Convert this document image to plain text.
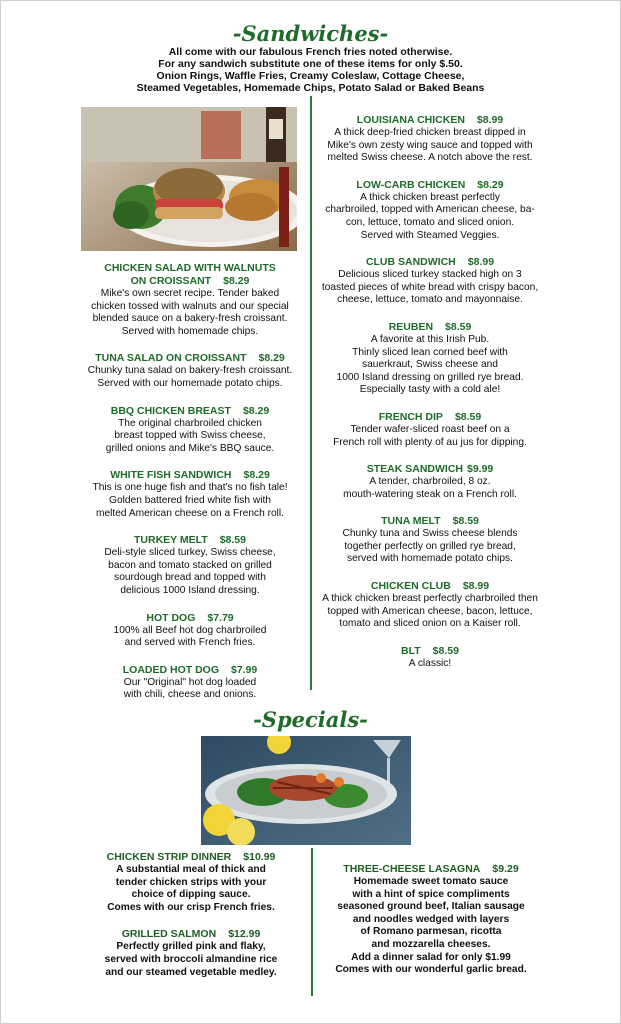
-Sandwiches-
All come with our fabulous French fries noted otherwise.
For any sandwich substitute one of these items for only $.50.
Onion Rings, Waffle Fries, Creamy Coleslaw, Cottage Cheese,
Steamed Vegetables, Homemade Chips, Potato Salad or Baked Beans
CHICKEN SALAD WITH WALNUTS
ON CROISSANT $8.29
Mike's own secret recipe. Tender baked
chicken tossed with walnuts and our special
blended sauce on a bakery-fresh croissant.
Served with homemade chips.
TUNA SALAD ON CROISSANT $8.29
Chunky tuna salad on bakery-fresh croissant.
Served with our homemade potato chips.
BBQ CHICKEN BREAST $8.29
The original charbroiled chicken
breast topped with Swiss cheese,
grilled onions and Mike's BBQ sauce.
WHITE FISH SANDWICH $8.29
This is one huge fish and that's no fish tale!
Golden battered fried white fish with
melted American cheese on a French roll.
TURKEY MELT $8.59
Deli-style sliced turkey, Swiss cheese,
bacon and tomato stacked on grilled
sourdough bread and topped with
delicious 1000 Island dressing.
HOT DOG $7.79
100% all Beef hot dog charbroiled
and served with French fries.
LOADED HOT DOG $7.99
Our "Original" hot dog loaded
with chili, cheese and onions.
LOUISIANA CHICKEN $8.99
A thick deep-fried chicken breast dipped in
Mike's own zesty wing sauce and topped with
melted Swiss cheese. A notch above the rest.
LOW-CARB CHICKEN $8.29
A thick chicken breast perfectly
charbroiled, topped with American cheese, ba-
con, lettuce, tomato and sliced onion.
Served with Steamed Veggies.
CLUB SANDWICH $8.99
Delicious sliced turkey stacked high on 3
toasted pieces of white bread with crispy bacon,
cheese, lettuce, tomato and mayonnaise.
REUBEN $8.59
A favorite at this Irish Pub.
Thinly sliced lean corned beef with
sauerkraut, Swiss cheese and
1000 Island dressing on grilled rye bread.
Especially tasty with a cold ale!
FRENCH DIP $8.59
Tender wafer-sliced roast beef on a
French roll with plenty of au jus for dipping.
STEAK SANDWICH $9.99
A tender, charbroiled, 8 oz.
mouth-watering steak on a French roll.
TUNA MELT $8.59
Chunky tuna and Swiss cheese blends
together perfectly on grilled rye bread,
served with homemade potato chips.
CHICKEN CLUB $8.99
A thick chicken breast perfectly charbroiled then
topped with American cheese, bacon, lettuce,
tomato and sliced onion on a Kaiser roll.
BLT $8.59
A classic!
-Specials-
CHICKEN STRIP DINNER $10.99
A substantial meal of thick and
tender chicken strips with your
choice of dipping sauce.
Comes with our crisp French fries.
GRILLED SALMON $12.99
Perfectly grilled pink and flaky,
served with broccoli almandine rice
and our steamed vegetable medley.
THREE-CHEESE LASAGNA $9.29
Homemade sweet tomato sauce
with a hint of spice compliments
seasoned ground beef, Italian sausage
and noodles wedged with layers
of Romano parmesan, ricotta
and mozzarella cheeses.
Add a dinner salad for only $1.99
Comes with our wonderful garlic bread.
